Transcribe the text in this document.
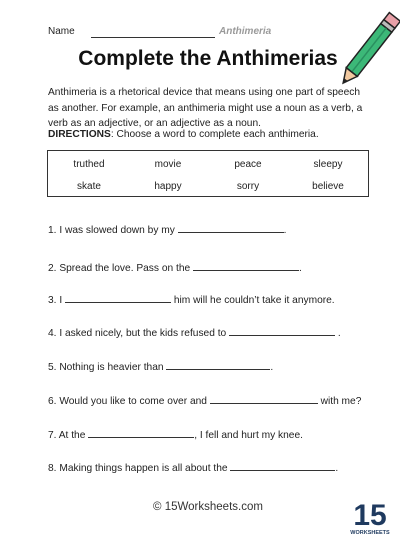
Name	Anthimeria
Complete the Anthimerias
Anthimeria is a rhetorical device that means using one part of speech as another. For example, an anthimeria might use a noun as a verb, a verb as an adjective, or an adjective as a noun.
DIRECTIONS: Choose a word to complete each anthimeria.
truthed	movie	peace	sleepy
skate	happy	sorry	believe
1. I was slowed down by my	.
2. Spread the love. Pass on the	.
3. I	him will he couldn’t take it anymore.
4. I asked nicely, but the kids refused to	.
5. Nothing is heavier than	.
6. Would you like to come over and	with me?
7. At the	, I fell and hurt my knee.
8. Making things happen is all about the	.
© 15Worksheets.com	15
WORKSHEETS
